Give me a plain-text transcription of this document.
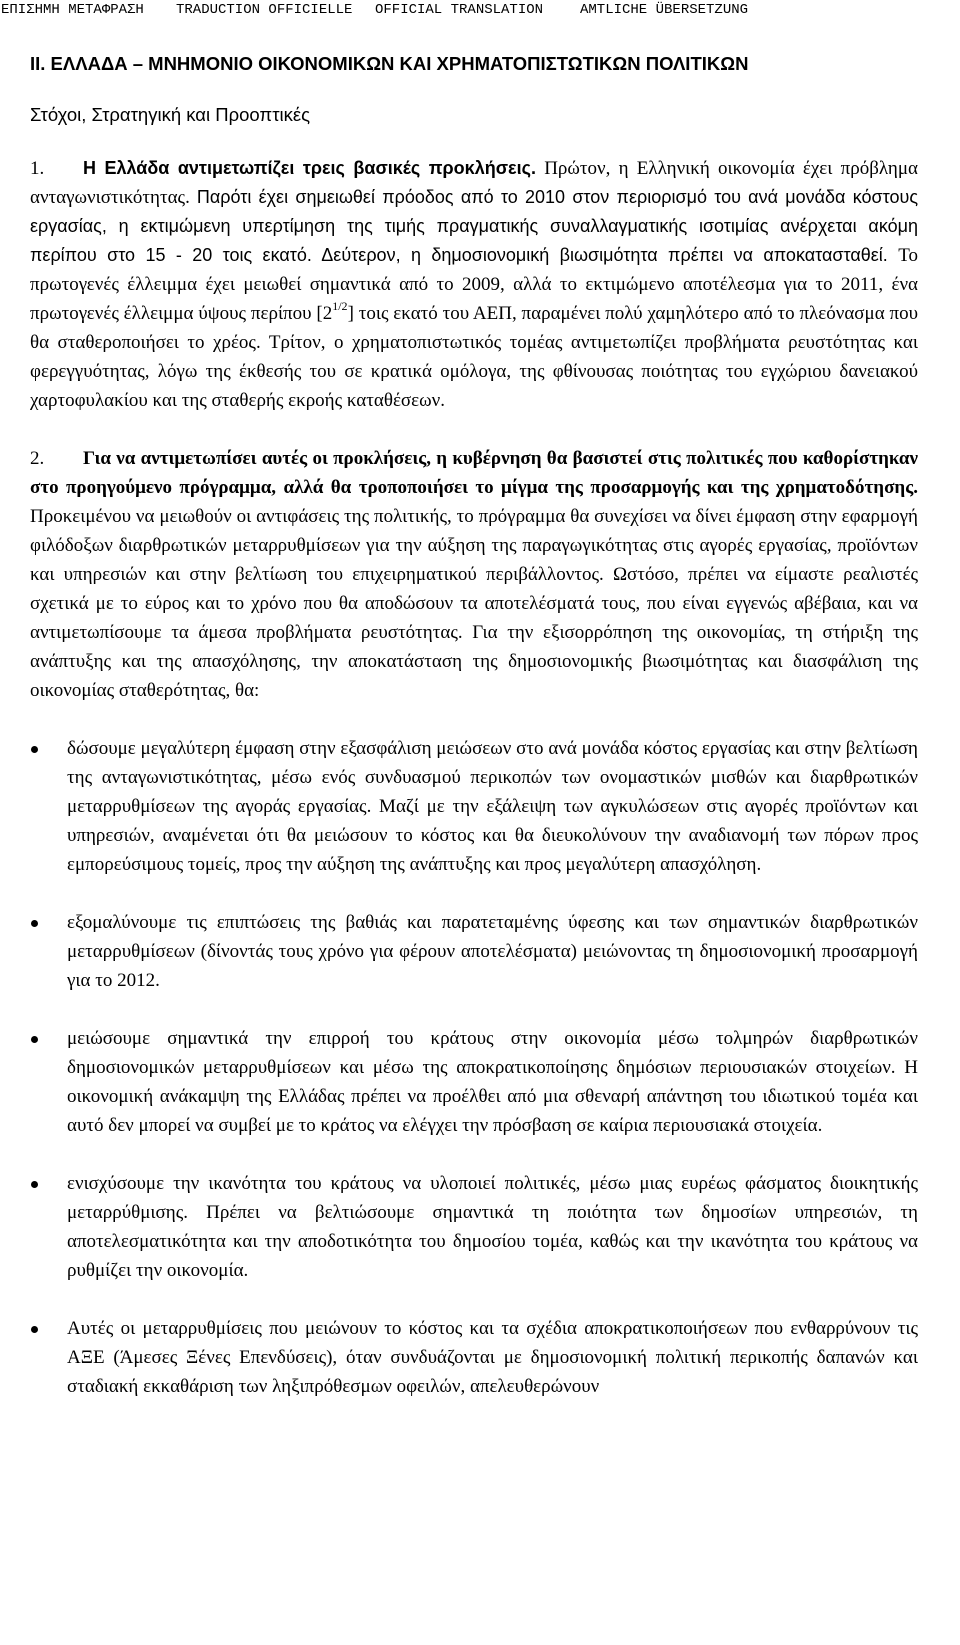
ΕΠΙΣΗΜΗ ΜΕΤΑΦΡΑΣΗ

TRADUCTION OFFICIELLE

OFFICIAL TRANSLATION

	AMTLICHE ÜBERSETZUNG

II. ΕΛΛΑΔΑ – ΜΝΗΜΟΝΙΟ ΟΙΚΟΝΟΜΙΚΩΝ ΚΑΙ ΧΡΗΜΑΤΟΠΙΣΤΩΤΙΚΩΝ ΠΟΛΙΤΙΚΩΝ
Στόχοι, Στρατηγική και Προοπτικές

1. Η Ελλάδα αντιμετωπίζει τρεις βασικές προκλήσεις. Πρώτον, η Ελληνική οικονομία έχει πρόβλημα ανταγωνιστικότητας. Παρότι έχει σημειωθεί πρόοδος από το 2010 στον περιορισμό του ανά μονάδα κόστους εργασίας, η εκτιμώμενη υπερτίμηση της τιμής πραγματικής συναλλαγματικής ισοτιμίας ανέρχεται ακόμη περίπου στο 15 - 20 τοις εκατό. Δεύτερον, η δημοσιονομική βιωσιμότητα πρέπει να αποκατασταθεί. Το πρωτογενές έλλειμμα έχει μειωθεί σημαντικά από το 2009, αλλά το εκτιμώμενο αποτέλεσμα για το 2011, ένα πρωτογενές έλλειμμα ύψους περίπου $[2^{1/2}]$ τοις εκατό του ΑΕΠ, παραμένει πολύ χαμηλότερο από το πλεόνασμα που θα σταθεροποιήσει το χρέος. Τρίτον, ο χρηματοπιστωτικός τομέας αντιμετωπίζει προβλήματα ρευστότητας και φερεγγυότητας, λόγω της έκθεσής του σε κρατικά ομόλογα, της φθίνουσας ποιότητας του εγχώριου δανειακού χαρτοφυλακίου και της σταθερής εκροής καταθέσεων.

2. Για να αντιμετωπίσει αυτές οι προκλήσεις, η κυβέρνηση θα βασιστεί στις πολιτικές που καθορίστηκαν στο προηγούμενο πρόγραμμα, αλλά θα τροποποιήσει το μίγμα της προσαρμογής και της χρηματοδότησης. Προκειμένου να μειωθούν οι αντιφάσεις της πολιτικής, το πρόγραμμα θα συνεχίσει να δίνει έμφαση στην εφαρμογή φιλόδοξων διαρθρωτικών μεταρρυθμίσεων για την αύξηση της παραγωγικότητας στις αγορές εργασίας, προϊόντων και υπηρεσιών και στην βελτίωση του επιχειρηματικού περιβάλλοντος. Ωστόσο, πρέπει να είμαστε ρεαλιστές σχετικά με το εύρος και το χρόνο που θα αποδώσουν τα αποτελέσματά τους, που είναι εγγενώς αβέβαια, και να αντιμετωπίσουμε τα άμεσα προβλήματα ρευστότητας. Για την εξισορρόπηση της οικονομίας, τη στήριξη της ανάπτυξης και της απασχόλησης, την αποκατάσταση της δημοσιονομικής βιωσιμότητας και διασφάλιση της οικονομίας σταθερότητας, θα:

δώσουμε μεγαλύτερη έμφαση στην εξασφάλιση μειώσεων στο ανά μονάδα κόστος εργασίας και στην βελτίωση της ανταγωνιστικότητας, μέσω ενός συνδυασμού περικοπών των ονομαστικών μισθών και διαρθρωτικών μεταρρυθμίσεων της αγοράς εργασίας. Μαζί με την εξάλειψη των αγκυλώσεων στις αγορές προϊόντων και υπηρεσιών, αναμένεται ότι θα μειώσουν το κόστος και θα διευκολύνουν την αναδιανομή των πόρων προς εμπορεύσιμους τομείς, προς την αύξηση της ανάπτυξης και προς μεγαλύτερη απασχόληση.
εξομαλύνουμε τις επιπτώσεις της βαθιάς και παρατεταμένης ύφεσης και των σημαντικών διαρθρωτικών μεταρρυθμίσεων (δίνοντάς τους χρόνο για φέρουν αποτελέσματα) μειώνοντας τη δημοσιονομική προσαρμογή για το 2012.
μειώσουμε σημαντικά την επιρροή του κράτους στην οικονομία μέσω τολμηρών διαρθρωτικών δημοσιονομικών μεταρρυθμίσεων και μέσω της αποκρατικοποίησης δημόσιων περιουσιακών στοιχείων. Η οικονομική ανάκαμψη της Ελλάδας πρέπει να προέλθει από μια σθεναρή απάντηση του ιδιωτικού τομέα και αυτό δεν μπορεί να συμβεί με το κράτος να ελέγχει την πρόσβαση σε καίρια περιουσιακά στοιχεία.
ενισχύσουμε την ικανότητα του κράτους να υλοποιεί πολιτικές, μέσω μιας ευρέως φάσματος διοικητικής μεταρρύθμισης. Πρέπει να βελτιώσουμε σημαντικά τη ποιότητα των δημοσίων υπηρεσιών, τη αποτελεσματικότητα και την αποδοτικότητα του δημοσίου τομέα, καθώς και την ικανότητα του κράτους να ρυθμίζει την οικονομία.
Αυτές οι μεταρρυθμίσεις που μειώνουν το κόστος και τα σχέδια αποκρατικοποιήσεων που ενθαρρύνουν τις ΑΞΕ (Άμεσες Ξένες Επενδύσεις), όταν συνδυάζονται με δημοσιονομική πολιτική περικοπής δαπανών και σταδιακή εκκαθάριση των ληξιπρόθεσμων οφειλών, απελευθερώνουν
